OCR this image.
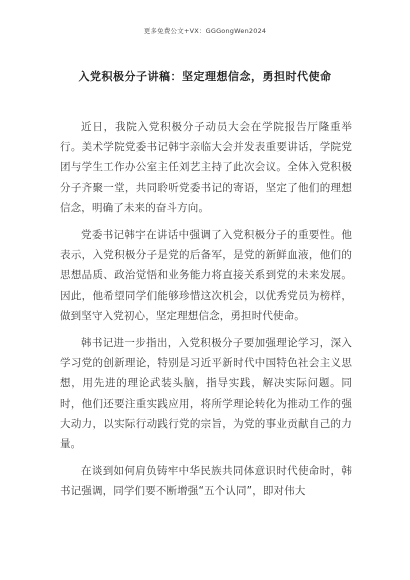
更多免费公文+VX：GGGongWen2024
入党积极分子讲稿：坚定理想信念，勇担时代使命

近日，我院入党积极分子动员大会在学院报告厅隆重举行。美术学院党委书记韩宇亲临大会并发表重要讲话，学院党团与学生工作办公室主任刘艺主持了此次会议。全体入党积极分子齐聚一堂，共同聆听党委书记的寄语，坚定了他们的理想信念，明确了未来的奋斗方向。

党委书记韩宇在讲话中强调了入党积极分子的重要性。他表示，入党积极分子是党的后备军，是党的新鲜血液，他们的思想品质、政治觉悟和业务能力将直接关系到党的未来发展。因此，他希望同学们能够珍惜这次机会，以优秀党员为榜样，做到坚守入党初心，坚定理想信念，勇担时代使命。

韩书记进一步指出，入党积极分子要加强理论学习，深入学习党的创新理论，特别是习近平新时代中国特色社会主义思想，用先进的理论武装头脑，指导实践，解决实际问题。同时，他们还要注重实践应用，将所学理论转化为推动工作的强大动力，以实际行动践行党的宗旨，为党的事业贡献自己的力量。

在谈到如何肩负铸牢中华民族共同体意识时代使命时，韩书记强调，同学们要不断增强“五个认同”，即对伟大
